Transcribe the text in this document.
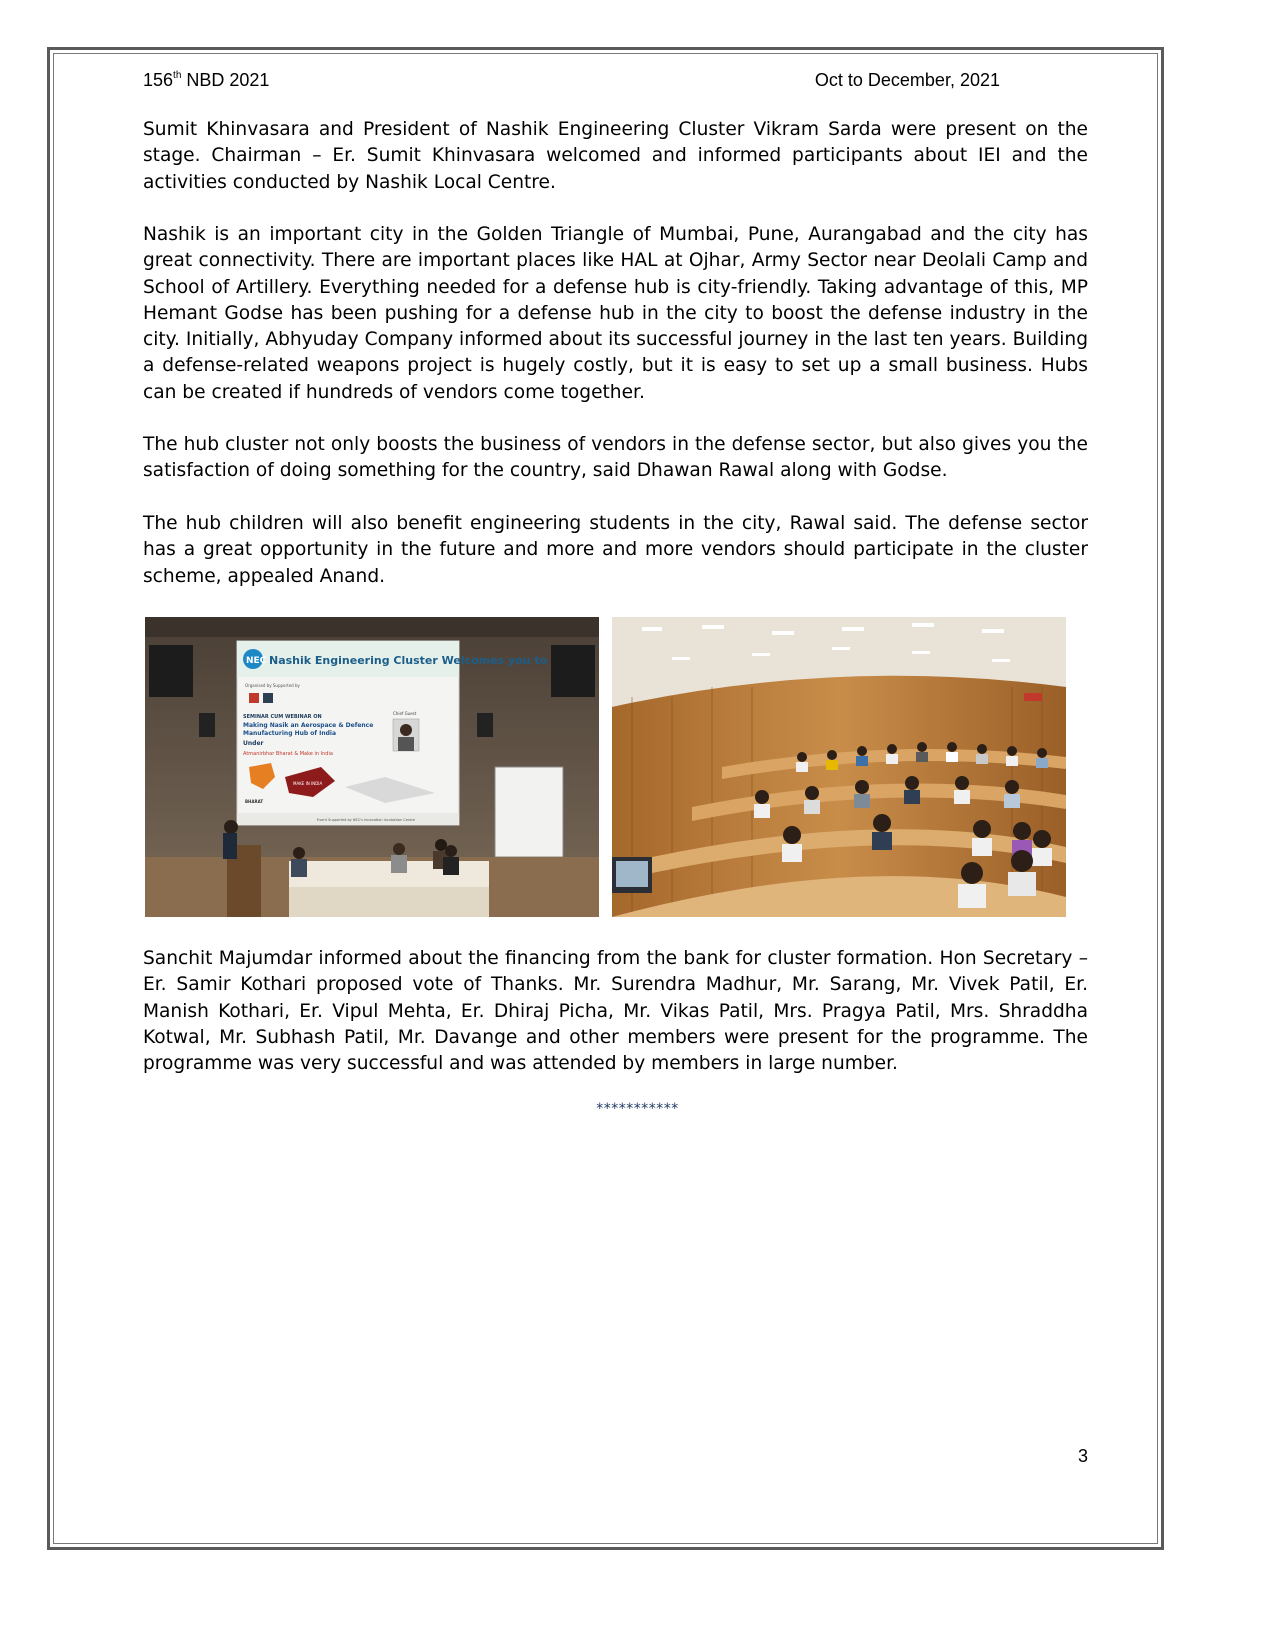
156th NBD 2021	Oct to December, 2021

Sumit Khinvasara and President of Nashik Engineering Cluster Vikram Sarda were present on the stage. Chairman – Er. Sumit Khinvasara welcomed and informed participants about IEI and the activities conducted by Nashik Local Centre.

Nashik is an important city in the Golden Triangle of Mumbai, Pune, Aurangabad and the city has great connectivity. There are important places like HAL at Ojhar, Army Sector near Deolali Camp and School of Artillery. Everything needed for a defense hub is city-friendly. Taking advantage of this, MP Hemant Godse has been pushing for a defense hub in the city to boost the defense industry in the city. Initially, Abhyuday Company informed about its successful journey in the last ten years. Building a defense-related weapons project is hugely costly, but it is easy to set up a small business. Hubs can be created if hundreds of vendors come together.

The hub cluster not only boosts the business of vendors in the defense sector, but also gives you the satisfaction of doing something for the country, said Dhawan Rawal along with Godse.

The hub children will also benefit engineering students in the city, Rawal said. The defense sector has a great opportunity in the future and more and more vendors should participate in the cluster scheme, appealed Anand.

NEC Nashik Engineering Cluster Welcomes you to
Organised by Supported by
SEMINAR CUM WEBINAR ON
Making Nasik an Aerospace & Defence
Manufacturing Hub of India
Under
Atmanirbhar Bharat & Make in India
Chief Guest
BHARAT
MAKE IN INDIA
Event Supported by NEC's Innovation Incubation Centre

Sanchit Majumdar informed about the financing from the bank for cluster formation. Hon Secretary – Er. Samir Kothari proposed vote of Thanks. Mr. Surendra Madhur, Mr. Sarang, Mr. Vivek Patil, Er. Manish Kothari, Er. Vipul Mehta, Er. Dhiraj Picha, Mr. Vikas Patil, Mrs. Pragya Patil, Mrs. Shraddha Kotwal, Mr. Subhash Patil, Mr. Davange and other members were present for the programme. The programme was very successful and was attended by members in large number.

***********
3
